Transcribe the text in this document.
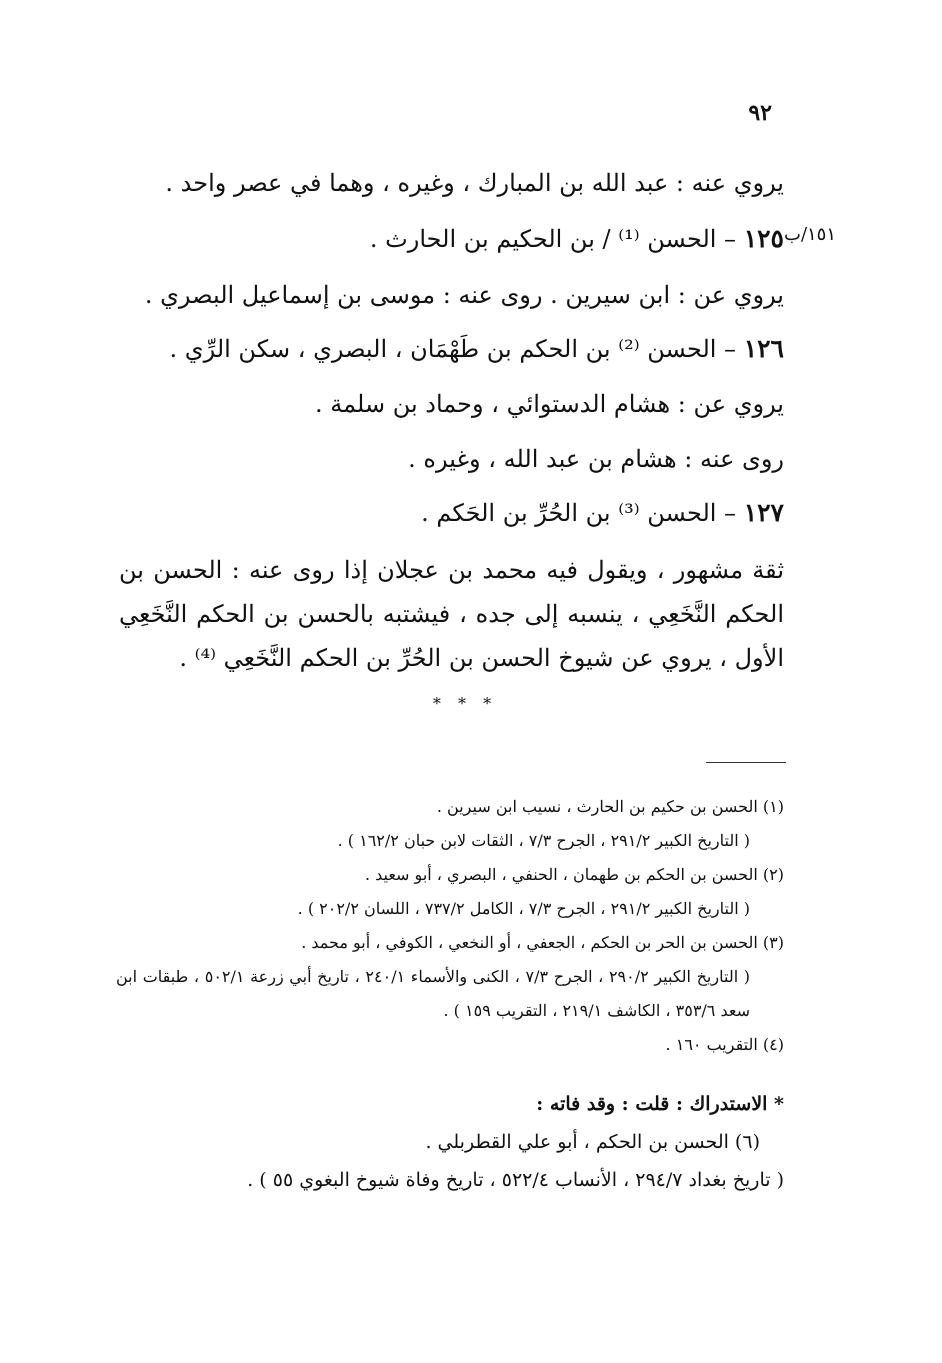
٩٢
يروي عنه : عبد الله بن المبارك ، وغيره ، وهما في عصر واحد .
١٥١/ب
١٢٥ – الحسن ⁽¹⁾ / بن الحكيم بن الحارث .
يروي عن : ابن سيرين . روى عنه : موسى بن إسماعيل البصري .
١٢٦ – الحسن ⁽²⁾ بن الحكم بن طَهْمَان ، البصري ، سكن الرِّي .
يروي عن : هشام الدستوائي ، وحماد بن سلمة .
روى عنه : هشام بن عبد الله ، وغيره .
١٢٧ – الحسن ⁽³⁾ بن الحُرِّ بن الحَكم .
ثقة مشهور ، ويقول فيه محمد بن عجلان إذا روى عنه : الحسن بن الحكم النَّخَعِي ، ينسبه إلى جده ، فيشتبه بالحسن بن الحكم النَّخَعِي الأول ، يروي عن شيوخ الحسن بن الحُرِّ بن الحكم النَّخَعِي ⁽⁴⁾ .
* * *
(١) الحسن بن حكيم بن الحارث ، نسيب ابن سيرين .
( التاريخ الكبير ٢٩١/٢ ، الجرح ٧/٣ ، الثقات لابن حبان ١٦٢/٢ ) .
(٢) الحسن بن الحكم بن طهمان ، الحنفي ، البصري ، أبو سعيد .
( التاريخ الكبير ٢٩١/٢ ، الجرح ٧/٣ ، الكامل ٧٣٧/٢ ، اللسان ٢٠٢/٢ ) .
(٣) الحسن بن الحر بن الحكم ، الجعفي ، أو النخعي ، الكوفي ، أبو محمد .
( التاريخ الكبير ٢٩٠/٢ ، الجرح ٧/٣ ، الكنى والأسماء ٢٤٠/١ ، تاريخ أبي زرعة ٥٠٢/١ ، طبقات ابن سعد ٣٥٣/٦ ، الكاشف ٢١٩/١ ، التقريب ١٥٩ ) .
(٤) التقريب ١٦٠ .
* الاستدراك : قلت : وقد فاته :
(٦) الحسن بن الحكم ، أبو علي القطربلي .
( تاريخ بغداد ٢٩٤/٧ ، الأنساب ٥٢٢/٤ ، تاريخ وفاة شيوخ البغوي ٥٥ ) .
